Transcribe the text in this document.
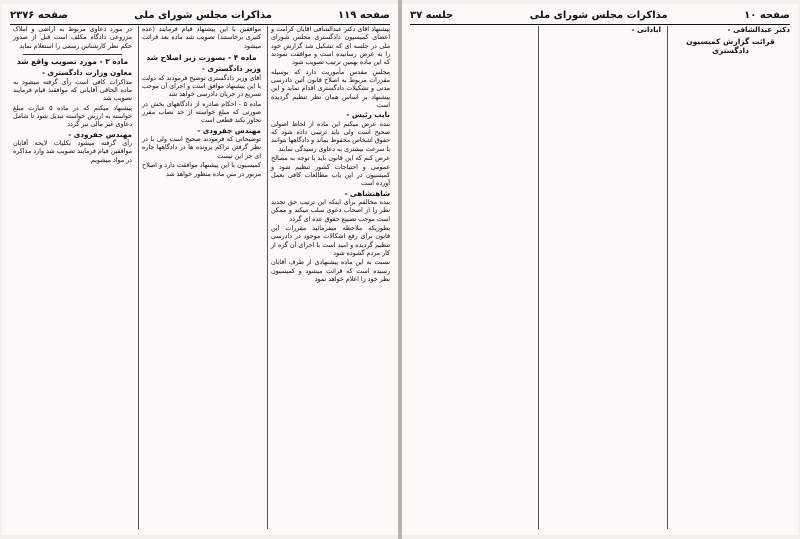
۲۳۷۶ صفحه	مذاکرات مجلس شورای ملی	صفحه ۱۱۹

پیشنهاد آقای دکتر عبدالشافی آقایان کرامت و اعضای کمیسیون دادگستری مجلس شورای ملی در جلسه ای که تشکیل شد گزارش خود را به عرض رسانیده است و موافقت نمودند که این ماده بهمین ترتیب تصویب شود

مجلس مقدس مأموریت دارد که بوسیله مقررات مربوط به اصلاح قانون آئین دادرسی مدنی و تشکیلات دادگستری اقدام نماید و این پیشنهاد بر اساس همان نظر تنظیم گردیده است

نایب رئیس -

بنده عرض میکنم این ماده از لحاظ اصولی صحیح است ولی باید ترتیبی داده شود که حقوق اشخاص محفوظ بماند و دادگاهها بتوانند با سرعت بیشتری به دعاوی رسیدگی نمایند

عرض کنم که این قانون باید با توجه به مصالح عمومی و احتیاجات کشور تنظیم شود و کمیسیون در این باب مطالعات کافی بعمل آورده است

شاهنشاهی -

بنده مخالفم برای اینکه این ترتیب حق تجدید نظر را از اصحاب دعوی سلب میکند و ممکن است موجب تضییع حقوق عده ای گردد

بطوریکه ملاحظه میفرمائید مقررات این قانون برای رفع اشکالات موجود در دادرسی تنظیم گردیده و امید است با اجرای آن گره از کار مردم گشوده شود

نسبت به این ماده پیشنهادی از طرف آقایان رسیده است که قرائت میشود و کمیسیون نظر خود را اعلام خواهد نمود

موافقین با این پیشنهاد قیام فرمایند (عده کثیری برخاستند) تصویب شد ماده بعد قرائت میشود

ماده ۴ - بصورت زیر اصلاح شد
وزیر دادگستری -

آقای وزیر دادگستری توضیح فرمودند که دولت با این پیشنهاد موافق است و اجرای آن موجب تسریع در جریان دادرسی خواهد شد

ماده ۵ - احکام صادره از دادگاههای بخش در صورتی که مبلغ خواسته از حد نصاب مقرر تجاوز نکند قطعی است

مهندس جفرودی -

توضیحاتی که فرمودند صحیح است ولی با در نظر گرفتن تراکم پرونده ها در دادگاهها چاره ای جز این نیست

کمیسیون با این پیشنهاد موافقت دارد و اصلاح مزبور در متن ماده منظور خواهد شد

در مورد دعاوی مربوط به اراضی و املاک مزروعی دادگاه مکلف است قبل از صدور حکم نظر کارشناس رسمی را استعلام نماید

ماده ۳ - مورد تصویب واقع شد
معاون وزارت دادگستری -

مذاکرات کافی است رأی گرفته میشود به ماده الحاقی آقایانی که موافقند قیام فرمایند تصویب شد

پیشنهاد میکنم که در ماده ۵ عبارت مبلغ خواسته به ارزش خواسته تبدیل شود تا شامل دعاوی غیر مالی نیز گردد

مهندس جفرودی -

رأی گرفته میشود بکلیات لایحه آقایان موافقین قیام فرمایند تصویب شد وارد مذاکره در مواد میشویم

جلسه ۳۷	مذاکرات مجلس شورای ملی	صفحه ۱۰
دکتر عبدالشافی -
قرائت گزارش کمیسیون دادگستری
آبادانی -
